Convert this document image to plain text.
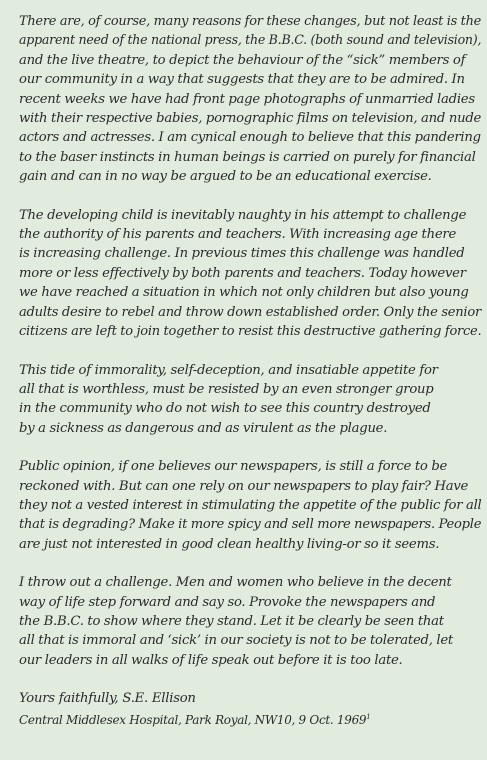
There are, of course, many reasons for these changes, but not least is the
apparent need of the national press, the B.B.C. (both sound and television),
and the live theatre, to depict the behaviour of the “sick” members of
our community in a way that suggests that they are to be admired. In
recent weeks we have had front page photographs of unmarried ladies
with their respective babies, pornographic films on television, and nude
actors and actresses. I am cynical enough to believe that this pandering
to the baser instincts in human beings is carried on purely for financial
gain and can in no way be argued to be an educational exercise.

The developing child is inevitably naughty in his attempt to challenge
the authority of his parents and teachers. With increasing age there
is increasing challenge. In previous times this challenge was handled
more or less effectively by both parents and teachers. Today however
we have reached a situation in which not only children but also young
adults desire to rebel and throw down established order. Only the senior
citizens are left to join together to resist this destructive gathering force.

This tide of immorality, self-deception, and insatiable appetite for
all that is worthless, must be resisted by an even stronger group
in the community who do not wish to see this country destroyed
by a sickness as dangerous and as virulent as the plague.

Public opinion, if one believes our newspapers, is still a force to be
reckoned with. But can one rely on our newspapers to play fair? Have
they not a vested interest in stimulating the appetite of the public for all
that is degrading? Make it more spicy and sell more newspapers. People
are just not interested in good clean healthy living-or so it seems.

I throw out a challenge. Men and women who believe in the decent
way of life step forward and say so. Provoke the newspapers and
the B.B.C. to show where they stand. Let it be clearly be seen that
all that is immoral and ‘sick’ in our society is not to be tolerated, let
our leaders in all walks of life speak out before it is too late.

Yours faithfully, S.E. Ellison

Central Middlesex Hospital, Park Royal, NW10, 9 Oct. 1969$^1$
